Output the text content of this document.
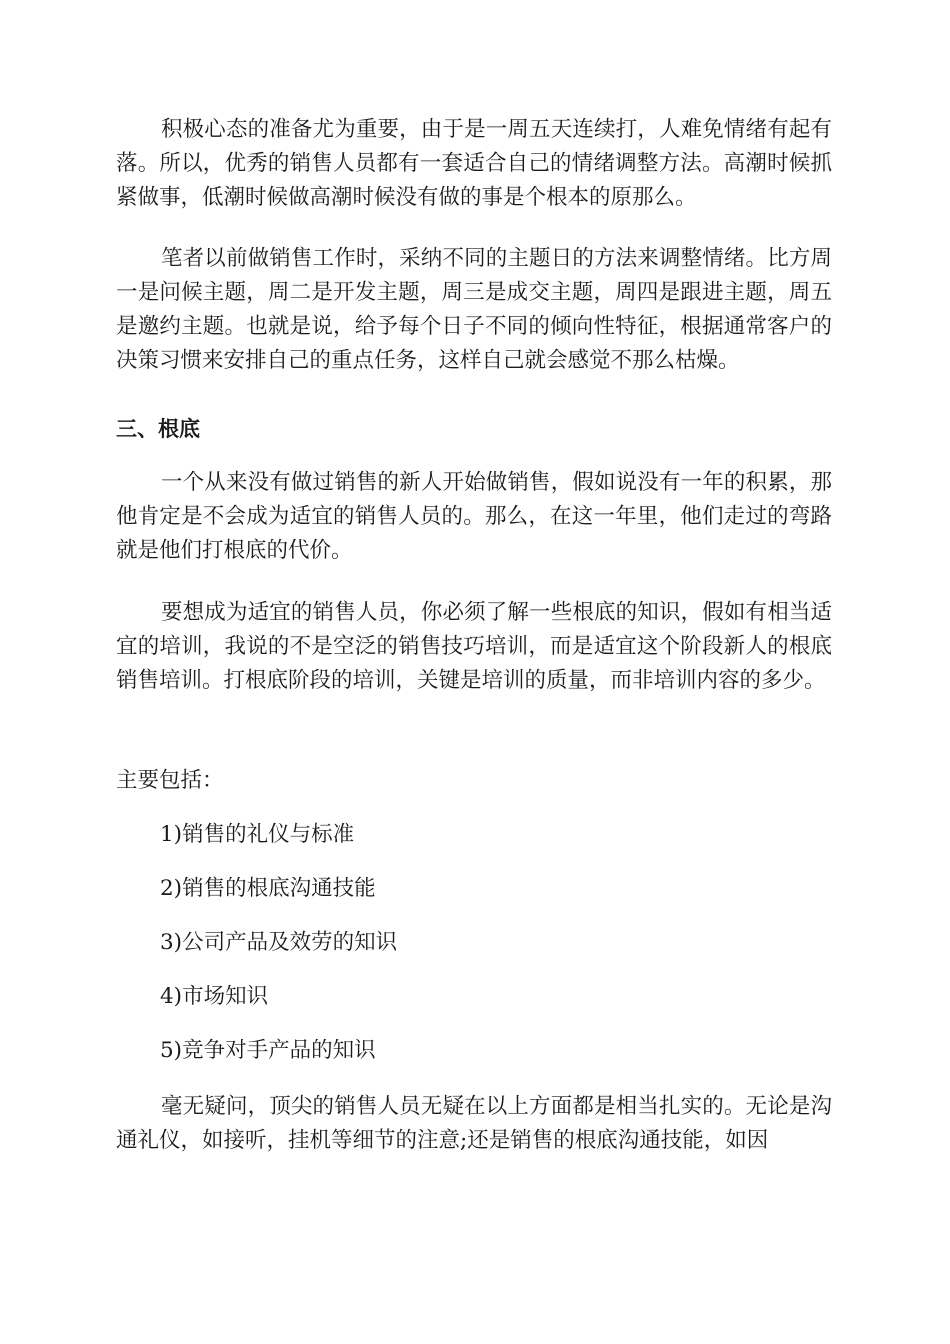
积极心态的准备尤为重要，由于是一周五天连续打，人难免情绪有起有落。所以，优秀的销售人员都有一套适合自己的情绪调整方法。高潮时候抓紧做事，低潮时候做高潮时候没有做的事是个根本的原那么。

笔者以前做销售工作时，采纳不同的主题日的方法来调整情绪。比方周一是问候主题，周二是开发主题，周三是成交主题，周四是跟进主题，周五是邀约主题。也就是说，给予每个日子不同的倾向性特征，根据通常客户的决策习惯来安排自己的重点任务，这样自己就会感觉不那么枯燥。

三、根底

一个从来没有做过销售的新人开始做销售，假如说没有一年的积累，那他肯定是不会成为适宜的销售人员的。那么，在这一年里，他们走过的弯路就是他们打根底的代价。

要想成为适宜的销售人员，你必须了解一些根底的知识，假如有相当适宜的培训，我说的不是空泛的销售技巧培训，而是适宜这个阶段新人的根底销售培训。打根底阶段的培训，关键是培训的质量，而非培训内容的多少。

主要包括：

1)销售的礼仪与标准

2)销售的根底沟通技能

3)公司产品及效劳的知识

4)市场知识

5)竞争对手产品的知识

毫无疑问，顶尖的销售人员无疑在以上方面都是相当扎实的。无论是沟通礼仪，如接听，挂机等细节的注意;还是销售的根底沟通技能，如因
